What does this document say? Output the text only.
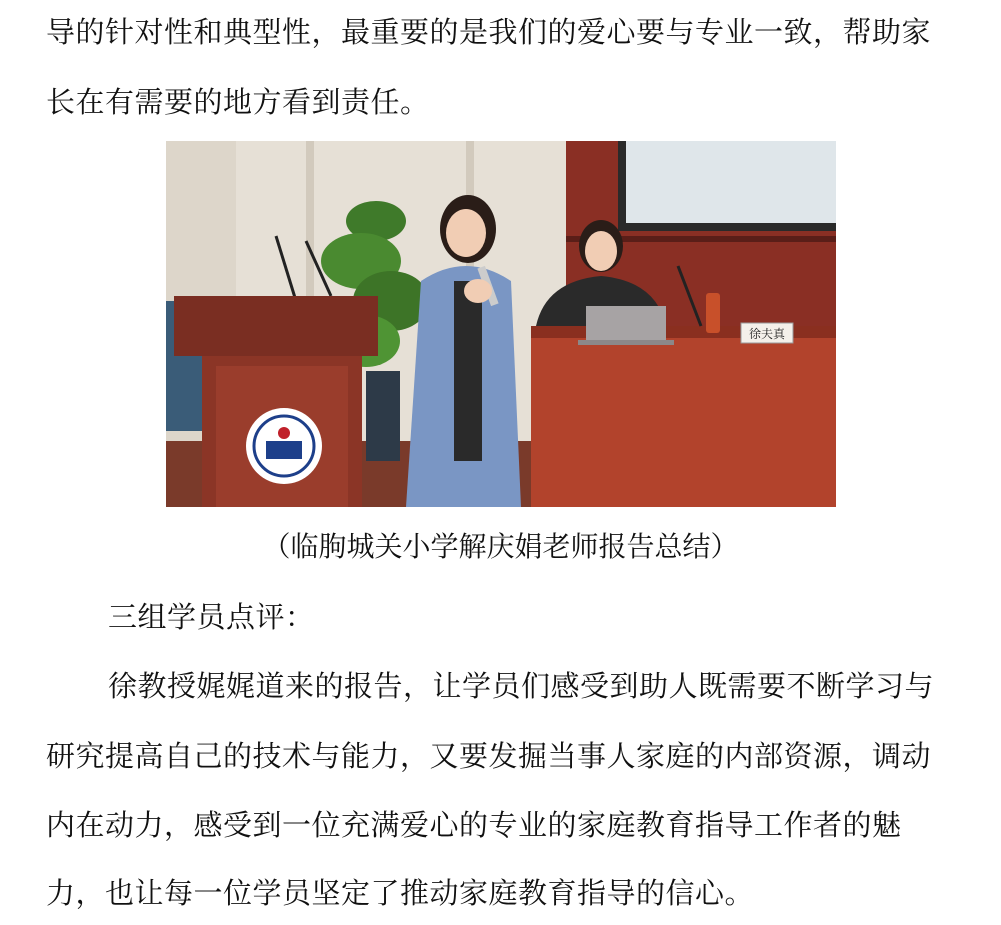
导的针对性和典型性，最重要的是我们的爱心要与专业一致，帮助家
长在有需要的地方看到责任。
徐夫真
（临朐城关小学解庆娟老师报告总结）
三组学员点评：
徐教授娓娓道来的报告，让学员们感受到助人既需要不断学习与
研究提高自己的技术与能力，又要发掘当事人家庭的内部资源，调动
内在动力，感受到一位充满爱心的专业的家庭教育指导工作者的魅
力，也让每一位学员坚定了推动家庭教育指导的信心。
